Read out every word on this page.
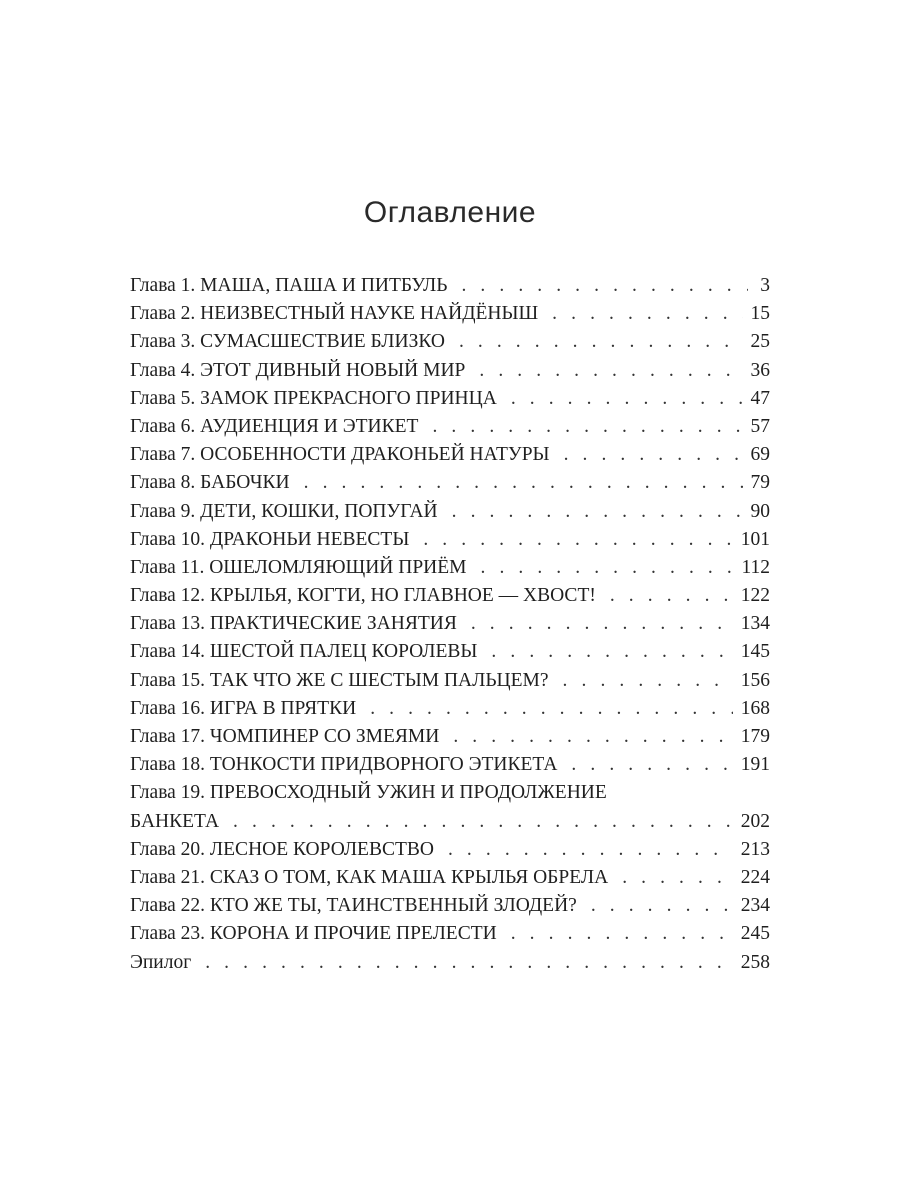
Оглавление
Глава 1. МАША, ПАША И ПИТБУЛЬ . . .	3
Глава 2. НЕИЗВЕСТНЫЙ НАУКЕ НАЙДЁНЫШ . . .	15
Глава 3. СУМАСШЕСТВИЕ БЛИЗКО . . .	25
Глава 4. ЭТОТ ДИВНЫЙ НОВЫЙ МИР . . .	36
Глава 5. ЗАМОК ПРЕКРАСНОГО ПРИНЦА . . .	47
Глава 6. АУДИЕНЦИЯ И ЭТИКЕТ . . .	57
Глава 7. ОСОБЕННОСТИ ДРАКОНЬЕЙ НАТУРЫ . . .	69
Глава 8. БАБОЧКИ . . .	79
Глава 9. ДЕТИ, КОШКИ, ПОПУГАЙ . . .	90
Глава 10. ДРАКОНЬИ НЕВЕСТЫ . . .	101
Глава 11. ОШЕЛОМЛЯЮЩИЙ ПРИЁМ . . .	112
Глава 12. КРЫЛЬЯ, КОГТИ, НО ГЛАВНОЕ — ХВОСТ! . . .	122
Глава 13. ПРАКТИЧЕСКИЕ ЗАНЯТИЯ . . .	134
Глава 14. ШЕСТОЙ ПАЛЕЦ КОРОЛЕВЫ . . .	145
Глава 15. ТАК ЧТО ЖЕ С ШЕСТЫМ ПАЛЬЦЕМ? . . .	156
Глава 16. ИГРА В ПРЯТКИ . . .	168
Глава 17. ЧОМПИНЕР СО ЗМЕЯМИ . . .	179
Глава 18. ТОНКОСТИ ПРИДВОРНОГО ЭТИКЕТА . . .	191
Глава 19. ПРЕВОСХОДНЫЙ УЖИН И ПРОДОЛЖЕНИЕ
БАНКЕТА . . .	202
Глава 20. ЛЕСНОЕ КОРОЛЕВСТВО . . .	213
Глава 21. СКАЗ О ТОМ, КАК МАША КРЫЛЬЯ ОБРЕЛА . . .	224
Глава 22. КТО ЖЕ ТЫ, ТАИНСТВЕННЫЙ ЗЛОДЕЙ? . . .	234
Глава 23. КОРОНА И ПРОЧИЕ ПРЕЛЕСТИ . . .	245
Эпилог . . .	258
